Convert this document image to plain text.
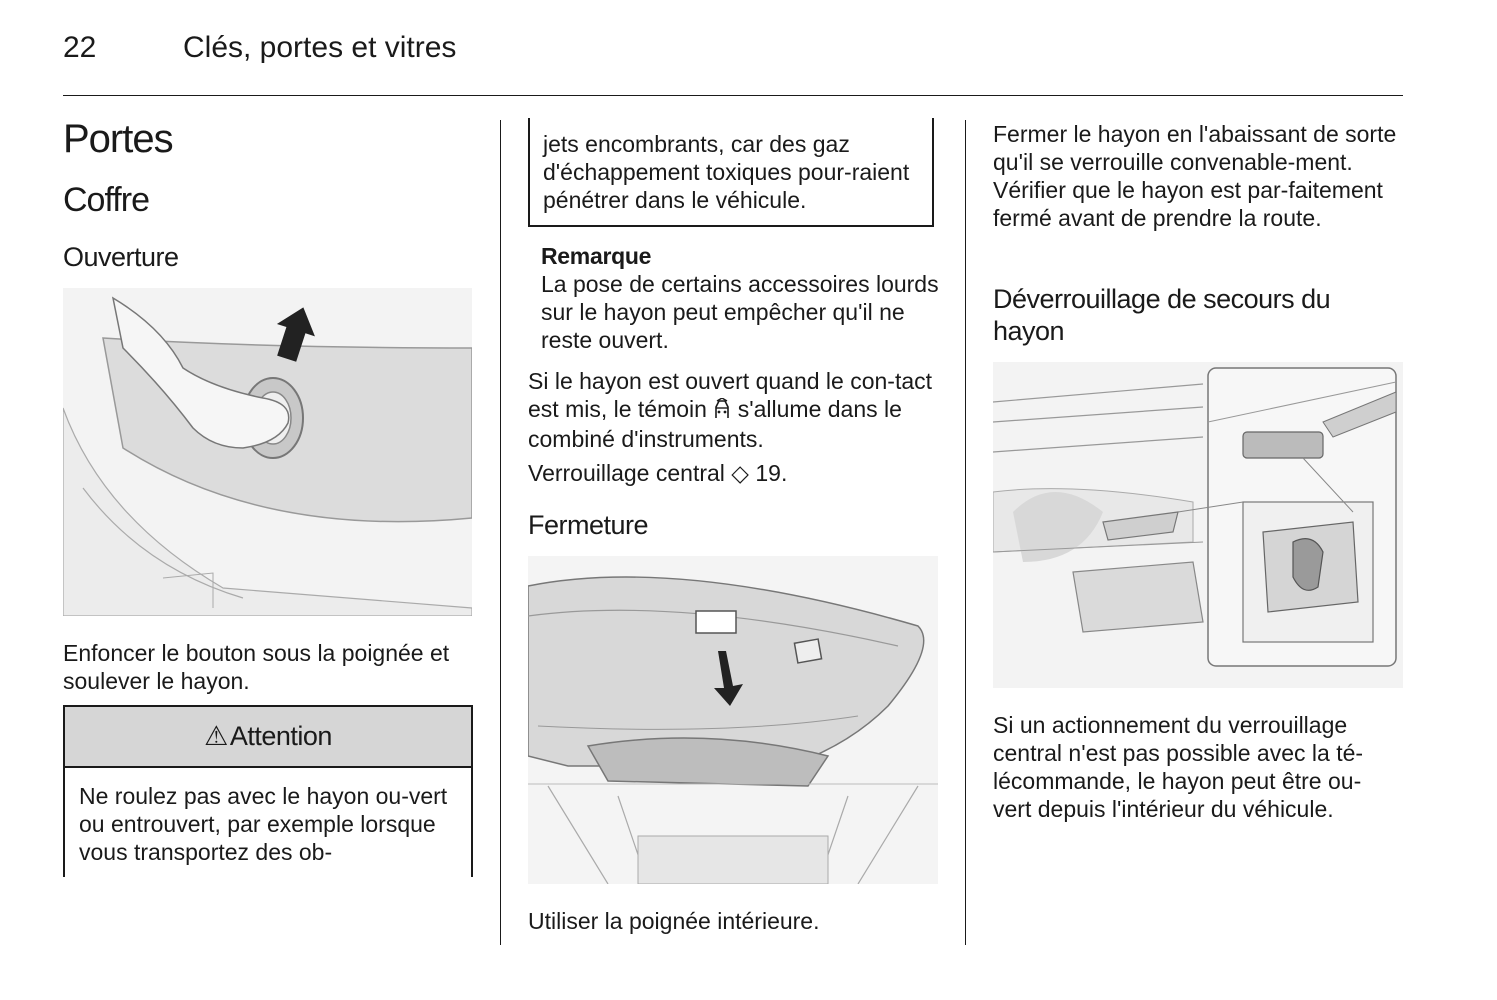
22	Clés, portes et vitres
Portes
Coffre
Ouverture
Enfoncer le bouton sous la poignée et soulever le hayon.
⚠ Attention
Ne roulez pas avec le hayon ou-vert ou entrouvert, par exemple lorsque vous transportez des ob-
jets encombrants, car des gaz d'échappement toxiques pour-raient pénétrer dans le véhicule.
Remarque
La pose de certains accessoires lourds sur le hayon peut empêcher qu'il ne reste ouvert.
Si le hayon est ouvert quand le con-tact est mis, le témoin s'allume dans le combiné d'instruments.
Verrouillage central ◇ 19.
Fermeture
Utiliser la poignée intérieure.
Fermer le hayon en l'abaissant de sorte qu'il se verrouille convenable-ment. Vérifier que le hayon est par-faitement fermé avant de prendre la route.
Déverrouillage de secours du hayon
Si un actionnement du verrouillage central n'est pas possible avec la té-lécommande, le hayon peut être ou-vert depuis l'intérieur du véhicule.
